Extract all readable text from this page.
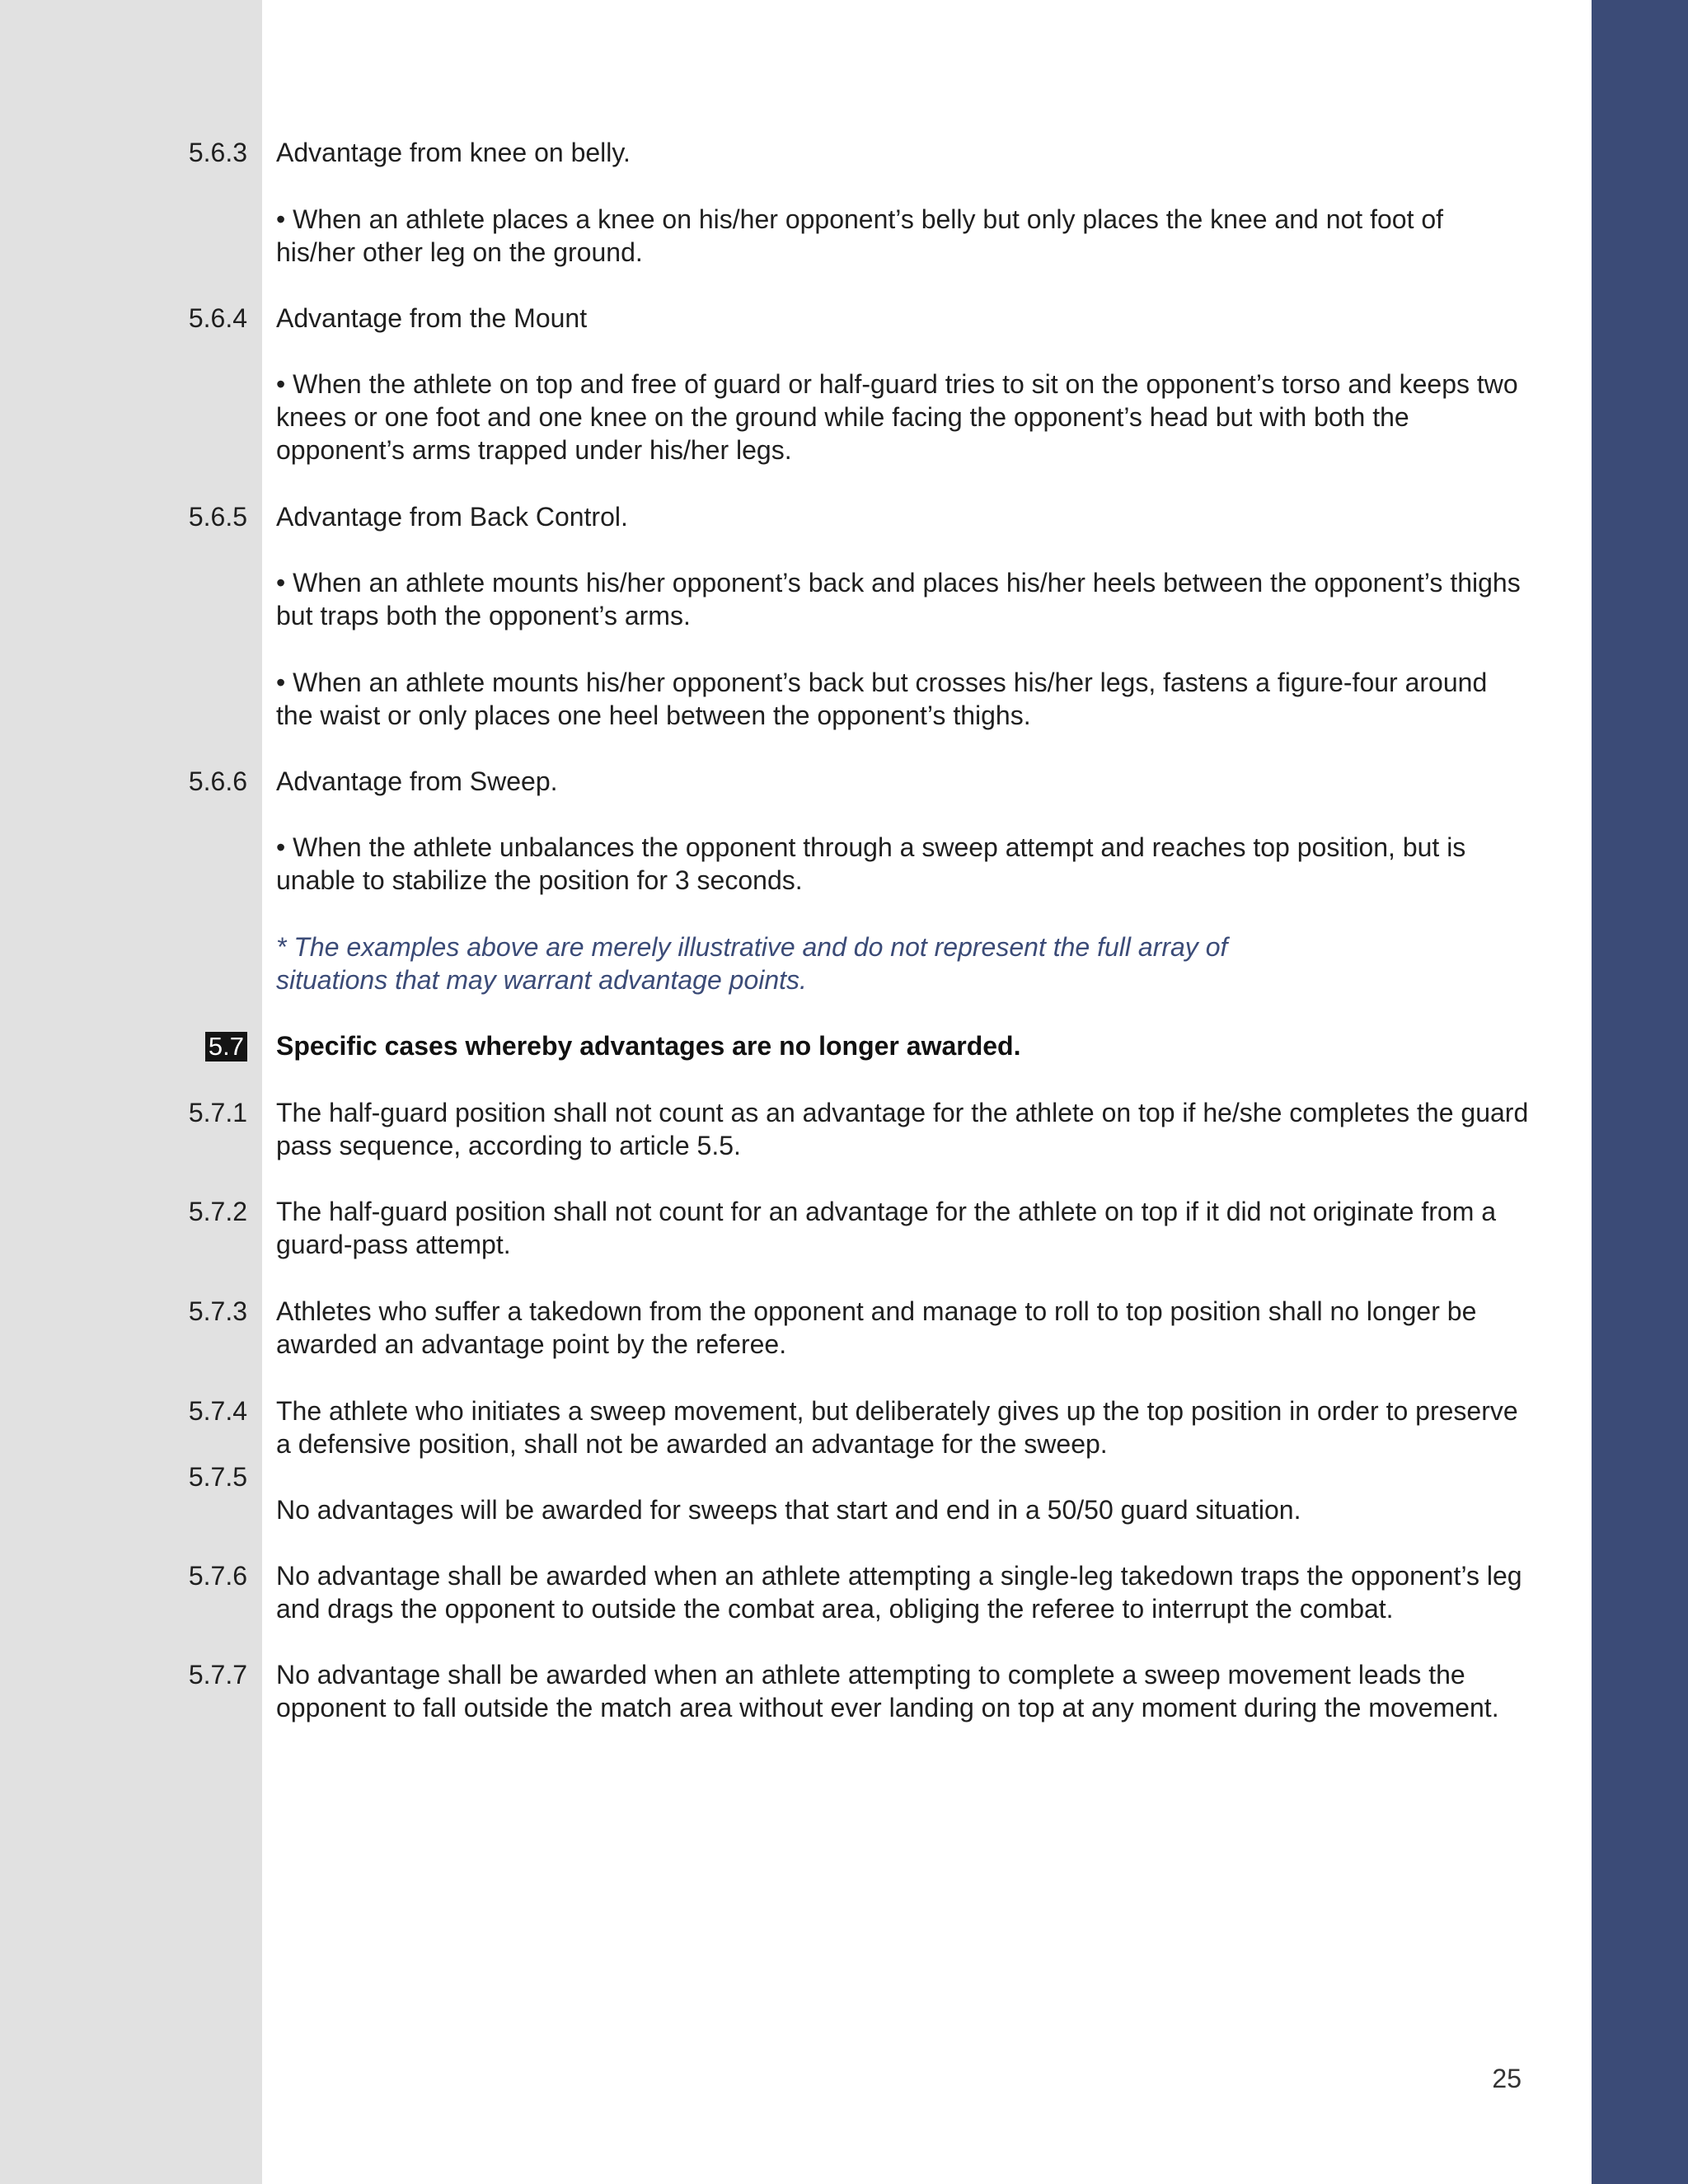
5.6.3 Advantage from knee on belly.
• When an athlete places a knee on his/her opponent’s belly but only places the knee and not foot of his/her other leg on the ground.
5.6.4 Advantage from the Mount
• When the athlete on top and free of guard or half-guard tries to sit on the opponent’s torso and keeps two knees or one foot and one knee on the ground while facing the opponent’s head but with both the opponent’s arms trapped under his/her legs.
5.6.5 Advantage from Back Control.
• When an athlete mounts his/her opponent’s back and places his/her heels between the opponent’s thighs but traps both the opponent’s arms.
• When an athlete mounts his/her opponent’s back but crosses his/her legs, fastens a figure-four around the waist or only places one heel between the opponent’s thighs.
5.6.6 Advantage from Sweep.
• When the athlete unbalances the opponent through a sweep attempt and reaches top position, but is unable to stabilize the position for 3 seconds.
* The examples above are merely illustrative and do not represent the full array of situations that may warrant advantage points.
5.7 Specific cases whereby advantages are no longer awarded.
5.7.1 The half-guard position shall not count as an advantage for the athlete on top if he/she completes the guard pass sequence, according to article 5.5.
5.7.2 The half-guard position shall not count for an advantage for the athlete on top if it did not originate from a guard-pass attempt.
5.7.3 Athletes who suffer a takedown from the opponent and manage to roll to top position shall no longer be awarded an advantage point by the referee.
5.7.4 The athlete who initiates a sweep movement, but deliberately gives up the top position in order to preserve a defensive position, shall not be awarded an advantage for the sweep.
5.7.5
No advantages will be awarded for sweeps that start and end in a 50/50 guard situation.
5.7.6 No advantage shall be awarded when an athlete attempting a single-leg takedown traps the opponent’s leg and drags the opponent to outside the combat area, obliging the referee to interrupt the combat.
5.7.7 No advantage shall be awarded when an athlete attempting to complete a sweep movement leads the opponent to fall outside the match area without ever landing on top at any moment during the movement.
25
